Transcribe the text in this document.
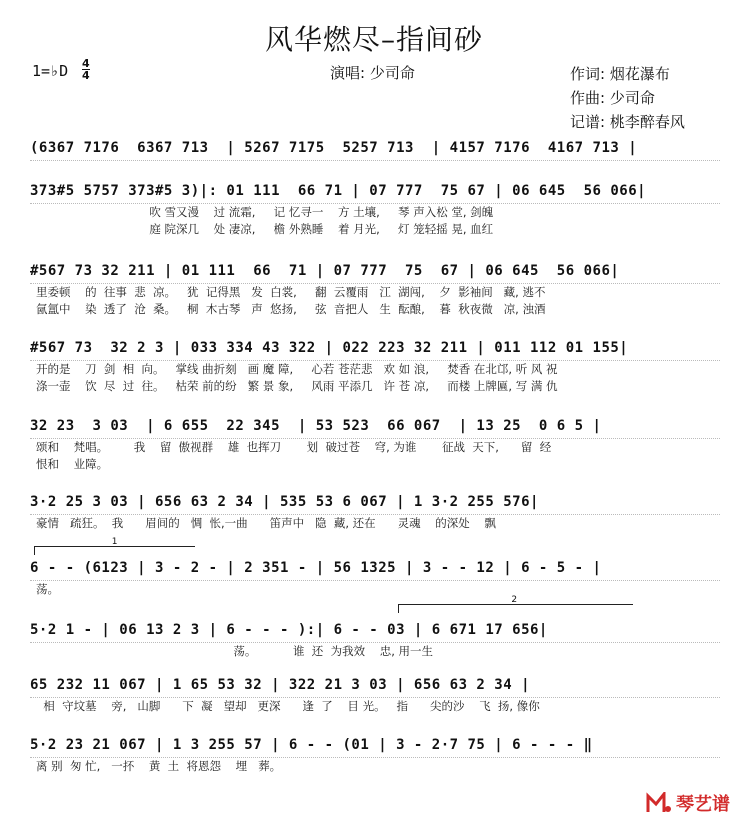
风华燃尽–指间砂
1=♭D 4
4	演唱: 少司命	作词: 烟花瀑布
作曲: 少司命
记谱: 桃李醉春风
(6367 7176  6367 713  | 5267 7175  5257 713  | 4157 7176  4167 713 |
373#5 5757 373#5 3)|: 01 111  66 71 | 07 777  75 67 | 06 645  56 066|
吹 雪又漫    过 流霜,     记 忆寻一    方 土壤,     琴 声入松 堂, 剑魄
庭 院深几    处 凄凉,     檐 外熟睡    着 月光,     灯 笼轻摇 晃, 血红
#567 73 32 211 | 01 111  66  71 | 07 777  75  67 | 06 645  56 066|
里委顿    的  往事  悲  凉。   犹  记得黑   发  白裳,     翻  云覆雨   江  湖闯,    夕  影袖间   藏, 逃不
氤氲中    染  透了  沧  桑。   桐  木古琴   声  悠扬,     弦  音把人   生  酝酿,    暮  秋夜微   凉, 浊酒
#567 73  32 2 3 | 033 334 43 322 | 022 223 32 211 | 011 112 01 155|
开的是    刀  剑  相  向。   掌线 曲折刻   画 魔 障,     心若 苍茫悲   欢 如 浪,     焚香 在北邙, 听 风 祝
涤一壶    饮  尽  过  往。   枯荣 前的纷   繁 景 象,     风雨 平添几   许 苍 凉,     而楼 上牌匾, 写 满 仇
32 23  3 03  | 6 655  22 345  | 53 523  66 067  | 13 25  0 6 5 |
颂和    梵唱。       我    留  傲视群    雄  也挥刀       划  破过苍    穹, 为谁       征战  天下,      留  经
恨和    业障。
3·2 25 3 03 | 656 63 2 34 | 535 53 6 067 | 1 3·2 255 576|
豪情   疏狂。  我      眉间的   惆  怅,一曲      笛声中   隐  藏, 还在      灵魂    的深处    飘
1
6 - - (6123 | 3 - 2 - | 2 351 - | 56 1325 | 3 - - 12 | 6 - 5 - |
荡。
2
5·2 1 - | 06 13 2 3 | 6 - - - ):| 6 - - 03 | 6 671 17 656|
荡。          谁  还  为我效    忠, 用一生
65 232 11 067 | 1 65 53 32 | 322 21 3 03 | 656 63 2 34 |
相  守坟墓    旁,   山脚      下  凝   望却   更深      逢  了    目 光。   指      尖的沙    飞  扬, 像你
5·2 23 21 067 | 1 3 255 57 | 6 - - (01 | 3 - 2·7 75 | 6 - - - ‖
离 别  匆 忙,   一抔    黄  土  将恩怨    埋   葬。
琴艺谱
